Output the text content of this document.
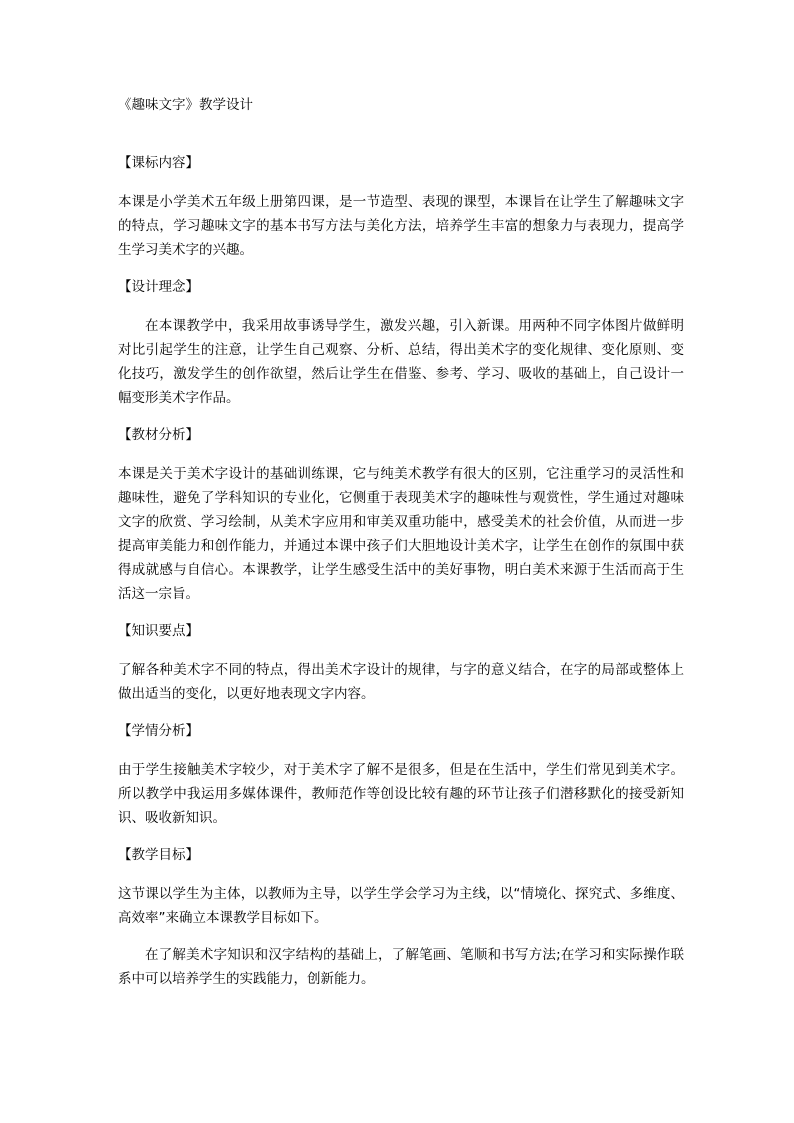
《趣味文字》教学设计

【课标内容】

本课是小学美术五年级上册第四课，是一节造型、表现的课型，本课旨在让学生了解趣味文字的特点，学习趣味文字的基本书写方法与美化方法，培养学生丰富的想象力与表现力，提高学生学习美术字的兴趣。

【设计理念】

在本课教学中，我采用故事诱导学生，激发兴趣，引入新课。用两种不同字体图片做鲜明对比引起学生的注意，让学生自己观察、分析、总结，得出美术字的变化规律、变化原则、变化技巧，激发学生的创作欲望，然后让学生在借鉴、参考、学习、吸收的基础上，自己设计一幅变形美术字作品。

【教材分析】

本课是关于美术字设计的基础训练课，它与纯美术教学有很大的区别，它注重学习的灵活性和趣味性，避免了学科知识的专业化，它侧重于表现美术字的趣味性与观赏性，学生通过对趣味文字的欣赏、学习绘制，从美术字应用和审美双重功能中，感受美术的社会价值，从而进一步提高审美能力和创作能力，并通过本课中孩子们大胆地设计美术字，让学生在创作的氛围中获得成就感与自信心。本课教学，让学生感受生活中的美好事物，明白美术来源于生活而高于生活这一宗旨。

【知识要点】

了解各种美术字不同的特点，得出美术字设计的规律，与字的意义结合，在字的局部或整体上做出适当的变化，以更好地表现文字内容。

【学情分析】

由于学生接触美术字较少，对于美术字了解不是很多，但是在生活中，学生们常见到美术字。所以教学中我运用多媒体课件，教师范作等创设比较有趣的环节让孩子们潜移默化的接受新知识、吸收新知识。

【教学目标】

这节课以学生为主体，以教师为主导，以学生学会学习为主线，以“情境化、探究式、多维度、高效率”来确立本课教学目标如下。

在了解美术字知识和汉字结构的基础上，了解笔画、笔顺和书写方法;在学习和实际操作联系中可以培养学生的实践能力，创新能力。
